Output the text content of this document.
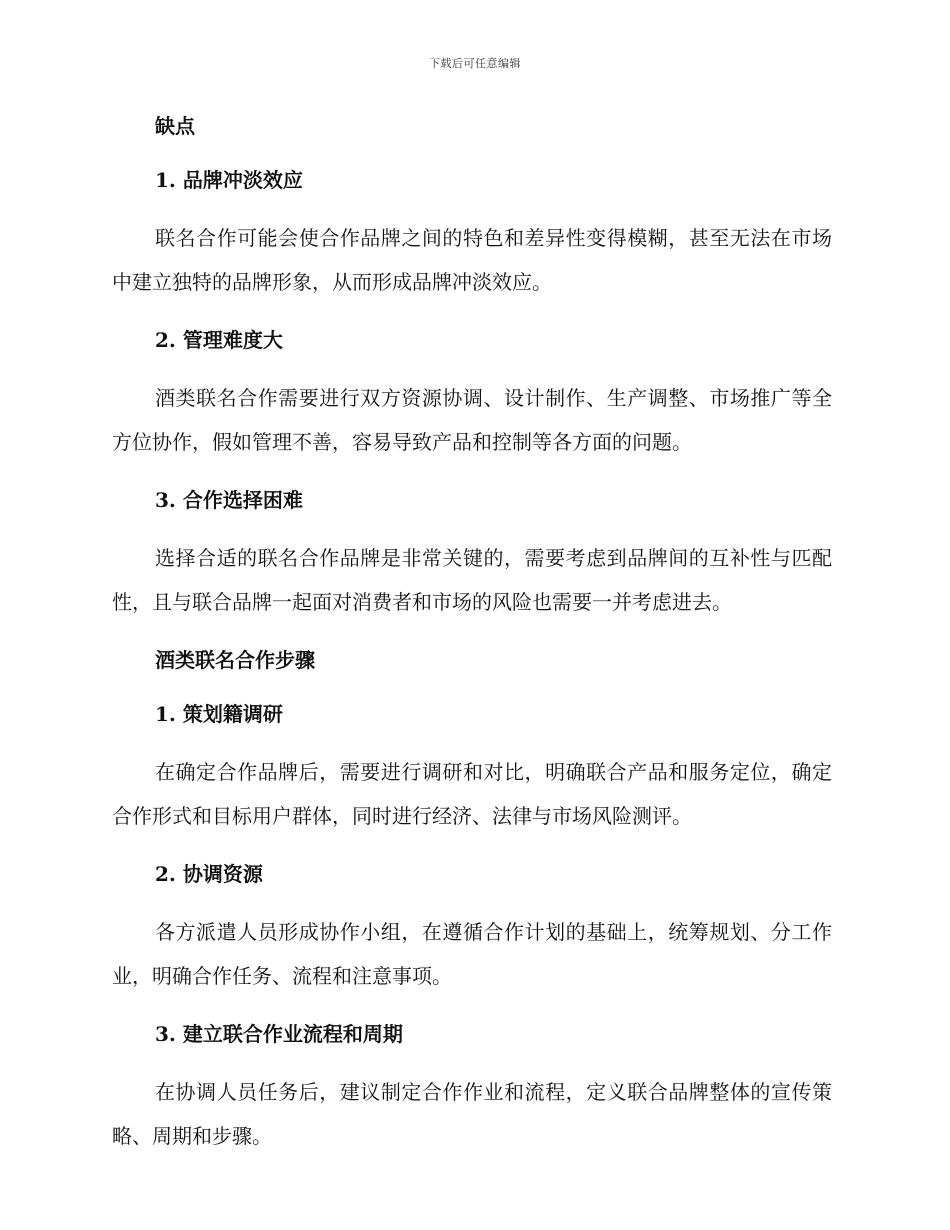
下载后可任意编辑

缺点

1. 品牌冲淡效应

联名合作可能会使合作品牌之间的特色和差异性变得模糊，甚至无法在市场中建立独特的品牌形象，从而形成品牌冲淡效应。

2. 管理难度大

酒类联名合作需要进行双方资源协调、设计制作、生产调整、市场推广等全方位协作，假如管理不善，容易导致产品和控制等各方面的问题。

3. 合作选择困难

选择合适的联名合作品牌是非常关键的，需要考虑到品牌间的互补性与匹配性，且与联合品牌一起面对消费者和市场的风险也需要一并考虑进去。

酒类联名合作步骤

1. 策划籍调研

在确定合作品牌后，需要进行调研和对比，明确联合产品和服务定位，确定合作形式和目标用户群体，同时进行经济、法律与市场风险测评。

2. 协调资源

各方派遣人员形成协作小组，在遵循合作计划的基础上，统筹规划、分工作业，明确合作任务、流程和注意事项。

3. 建立联合作业流程和周期

在协调人员任务后，建议制定合作作业和流程，定义联合品牌整体的宣传策略、周期和步骤。
